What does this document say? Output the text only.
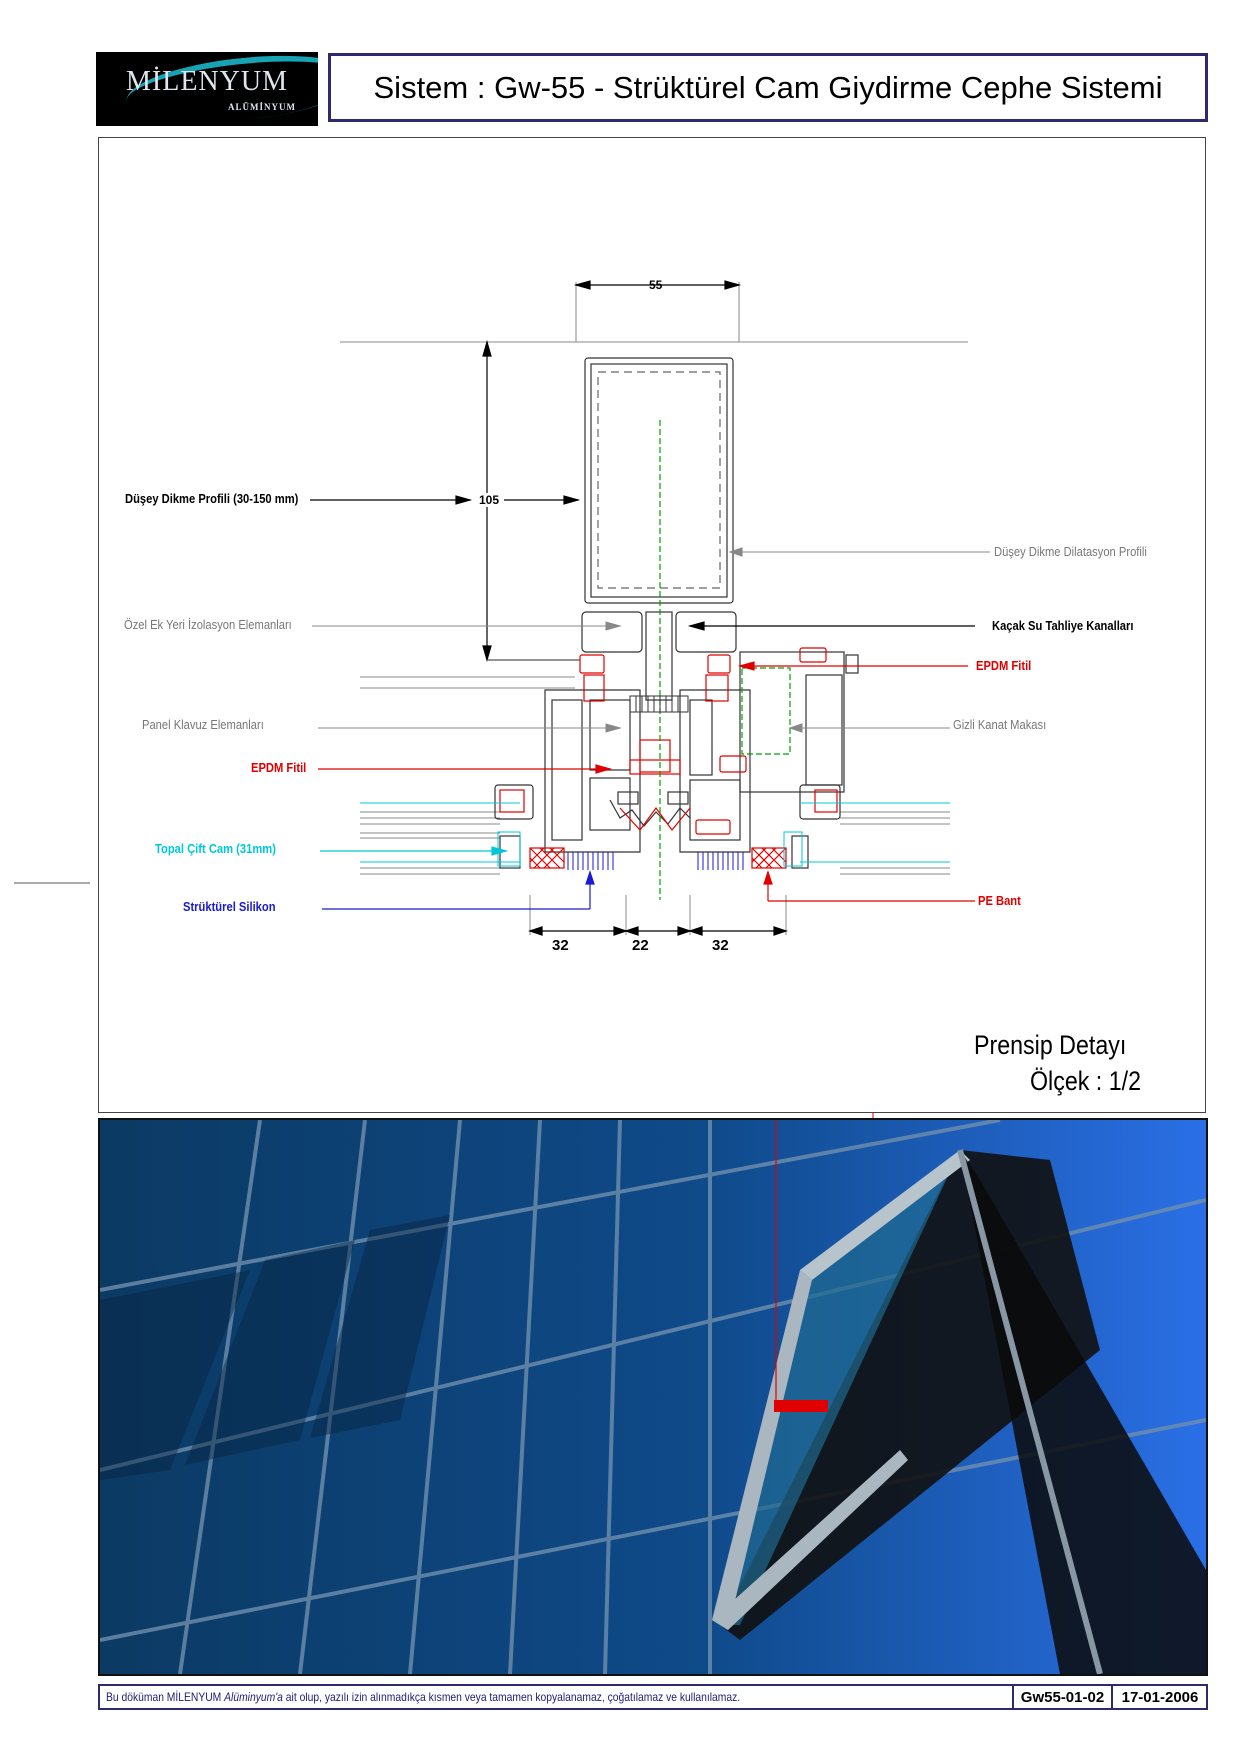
MİLENYUM
ALÜMİNYUM
Sistem : Gw-55 - Strüktürel Cam Giydirme Cephe Sistemi
Düşey Dikme Profili (30-150 mm)
Düşey Dikme Dilatasyon Profili
Özel Ek Yeri İzolasyon Elemanları	Kaçak Su Tahliye Kanalları
EPDM Fitil
Panel Klavuz Elemanları	Gizli Kanat Makası
EPDM Fitil
Topal Çift Cam (31mm)
Strüktürel Silikon	PE Bant
55
105
32	22	32
Prensip Detayı
Ölçek : 1/2
Bu döküman MİLENYUM Alüminyum'a ait olup, yazılı izin alınmadıkça kısmen veya tamamen kopyalanamaz, çoğatılamaz ve kullanılamaz.	Gw55-01-02	17-01-2006
